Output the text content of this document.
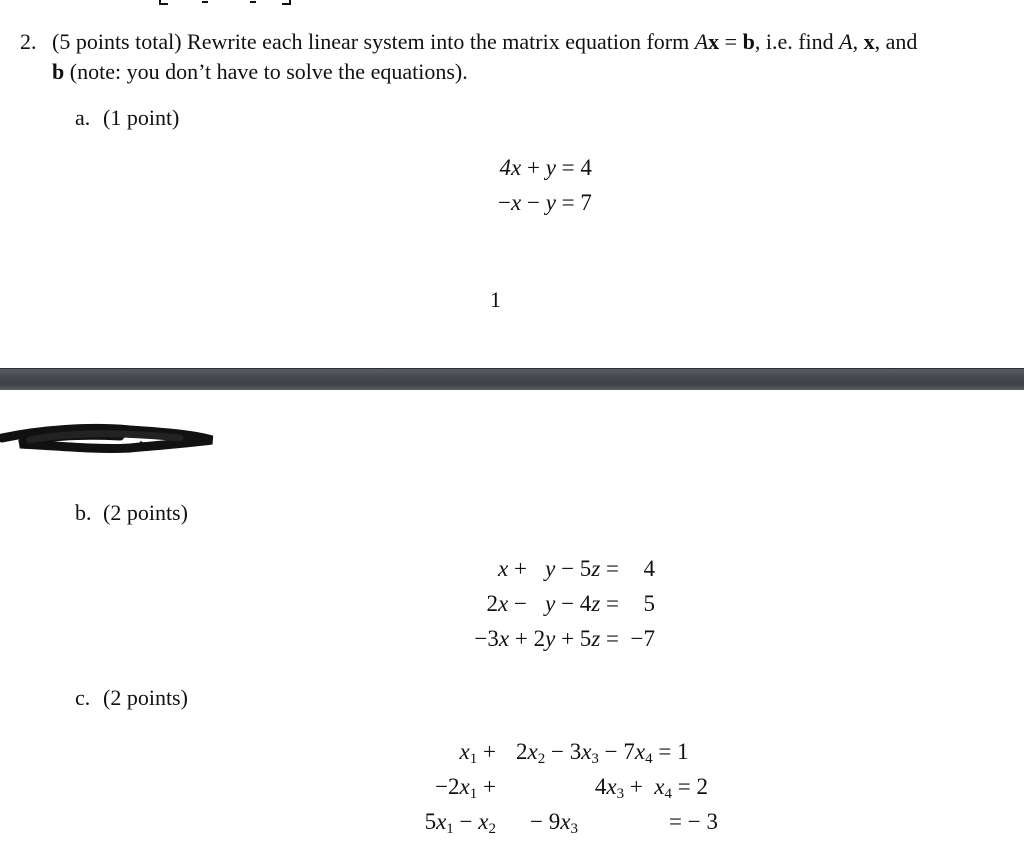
2. (5 points total) Rewrite each linear system into the matrix equation form Ax = b, i.e. find A, x, and
b (note: you don’t have to solve the equations).
a. (1 point)
4x + y = 4
−x − y = 7
1
b. (2 points)
x +	y − 5z =	4
2x −	y − 4z =	5
−3x + 2y + 5z =		−7
c. (2 points)
$x_1$ +	$2x_2 - 3x_3 - 7x_4 = 1$	
$-2x_1$ +	$4x_3 + x_4 = 2$	
$5x_1 - x_2$	− $9x_3$	= − 3
